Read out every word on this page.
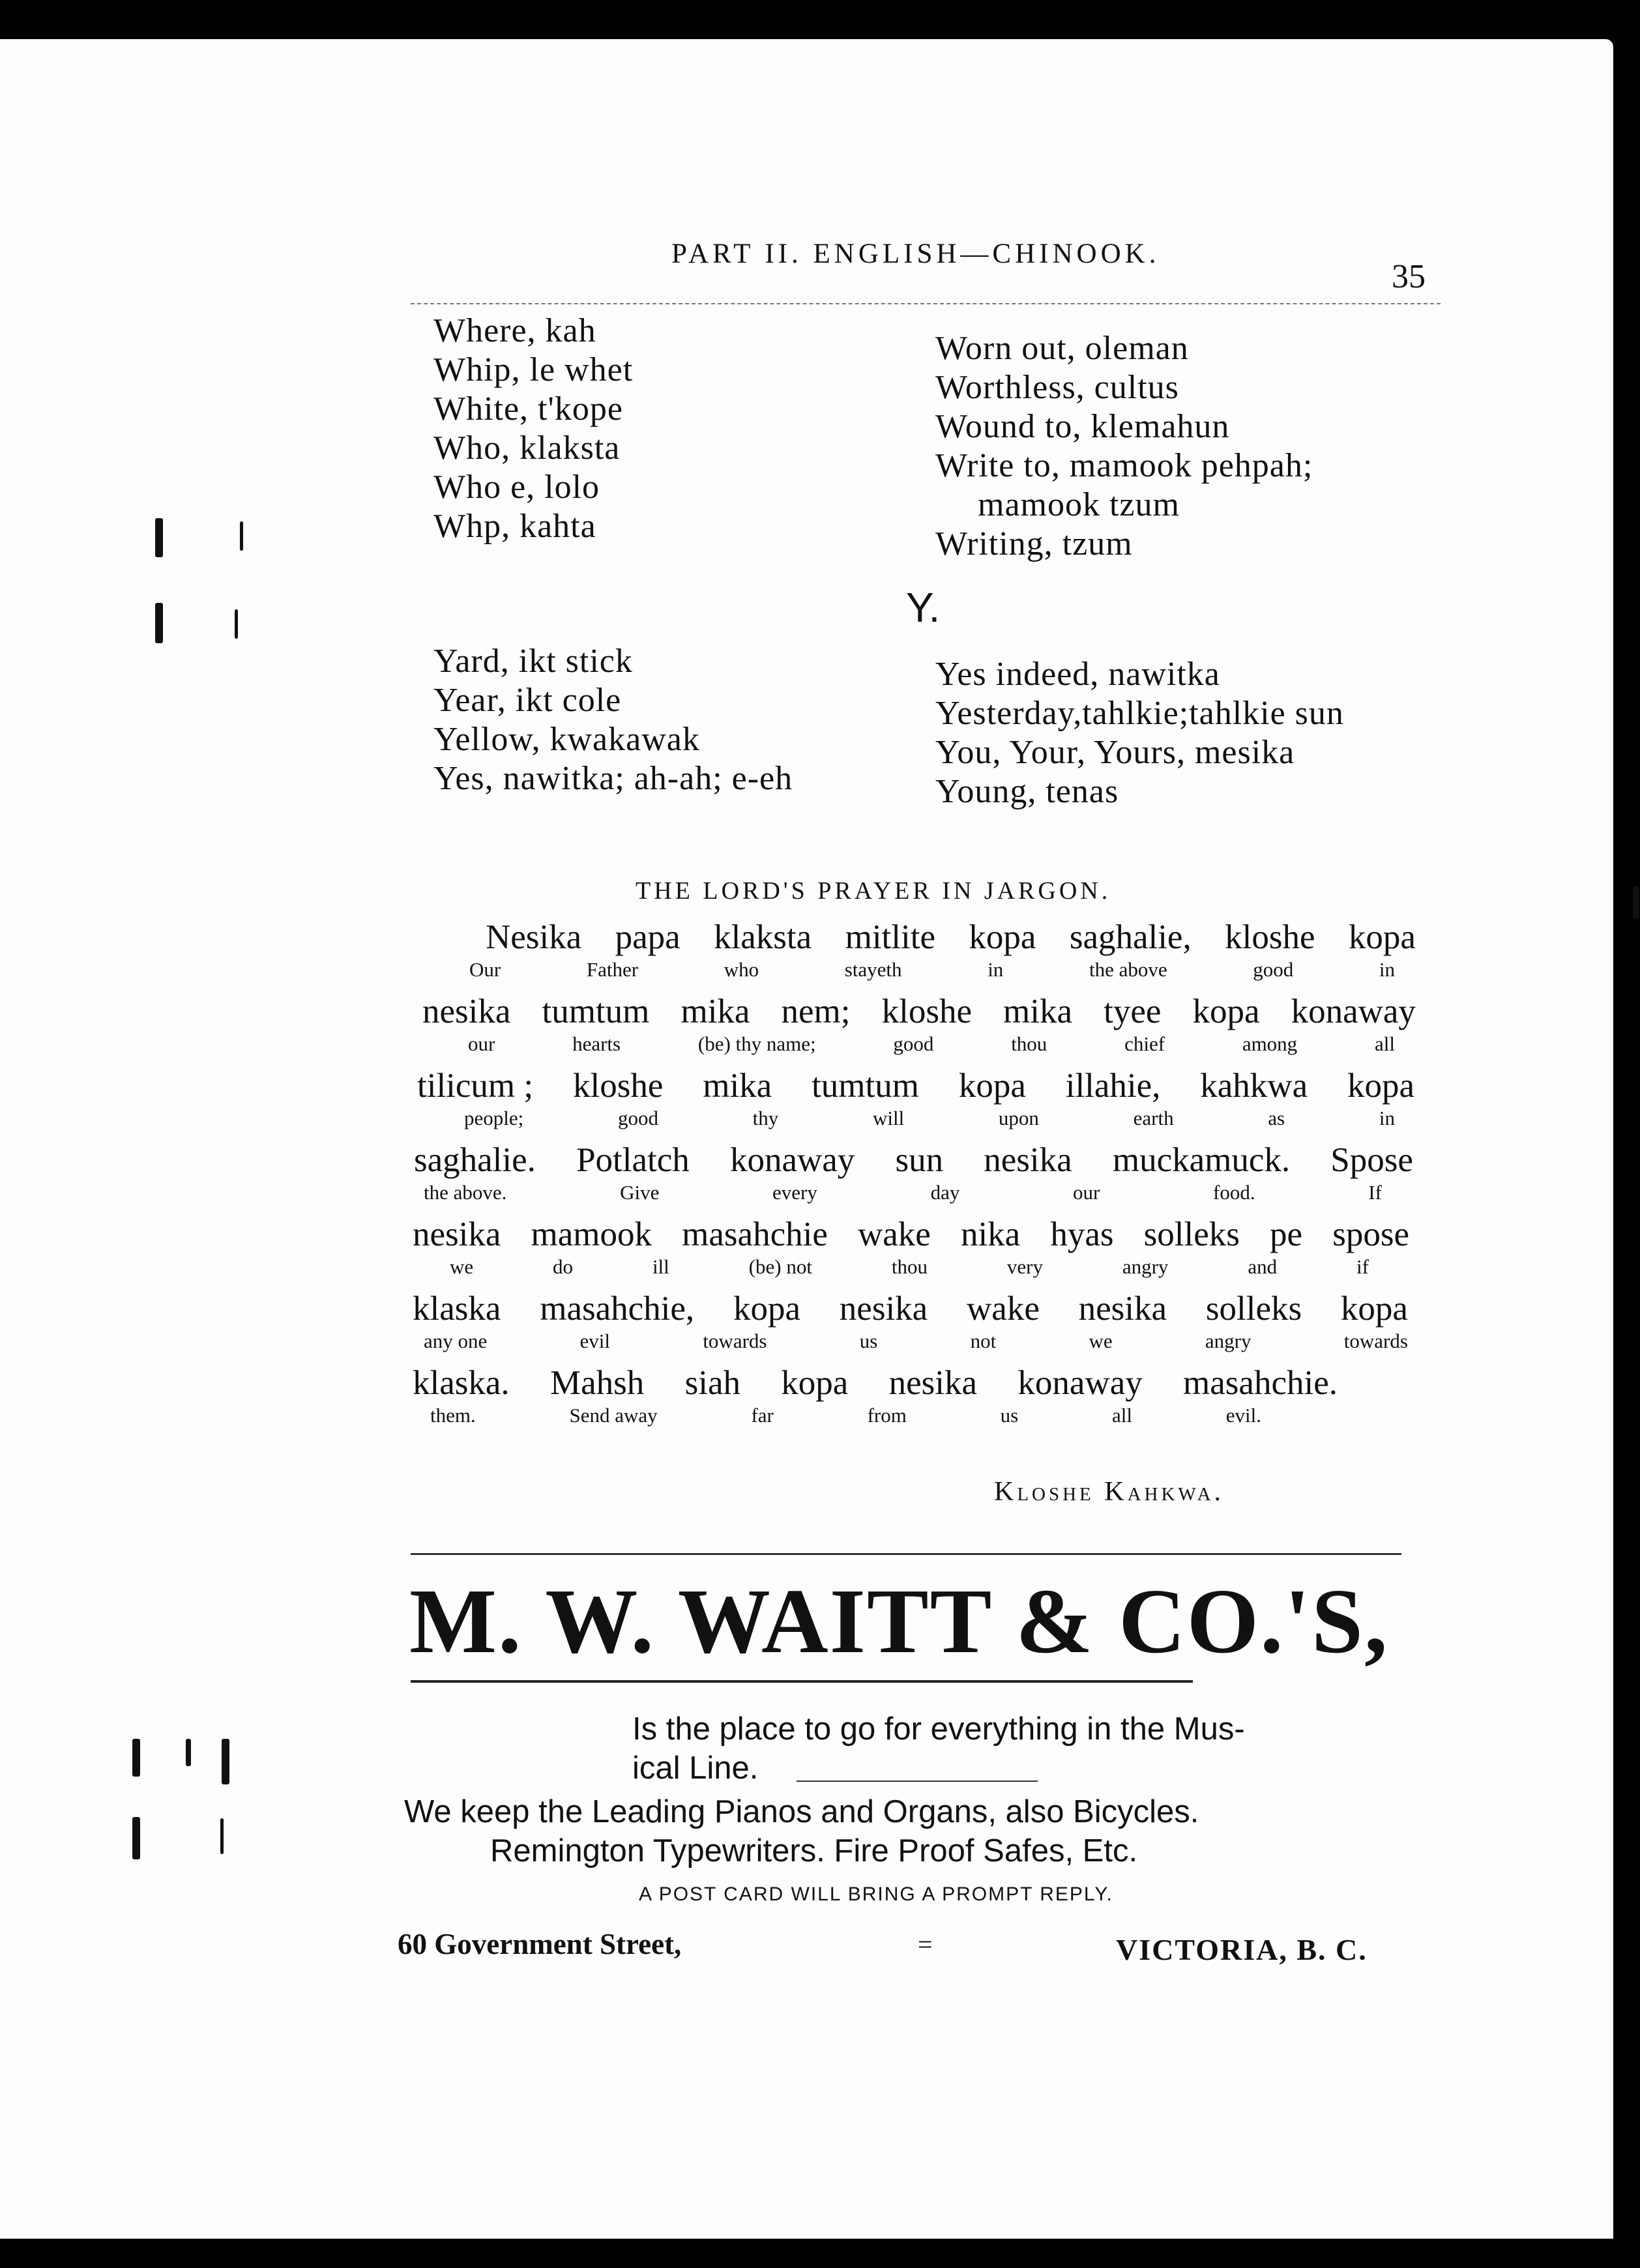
PART II. ENGLISH—CHINOOK.
35
Where, kah
Whip, le whet
White, t'kope
Who, klaksta
Who e, lolo
Whp, kahta
Worn out, oleman
Worthless, cultus
Wound to, klemahun
Write to, mamook pehpah;
mamook tzum
Writing, tzum
Y.
Yard, ikt stick
Year, ikt cole
Yellow, kwakawak
Yes, nawitka; ah-ah; e-eh
Yes indeed, nawitka
Yesterday,tahlkie;tahlkie sun
You, Your, Yours, mesika
Young, tenas
THE LORD'S PRAYER IN JARGON.
Nesika papa klaksta mitlite kopa saghalie, kloshe kopa
Our	Father	who	stayeth	in	the above	good	in
nesika tumtum mika nem; kloshe mika tyee kopa konaway
our	hearts	(be) thy name;	good	thou	chief	among	all
tilicum ; kloshe mika tumtum kopa illahie, kahkwa kopa
people;	good	thy	will	upon	earth	as	in
saghalie. Potlatch konaway sun nesika muckamuck. Spose
the above.	Give	every	day	our	food.	If
nesika mamook masahchie wake nika hyas solleks pe spose
we	do	ill	(be) not	thou	very	angry	and	if
klaska masahchie, kopa nesika wake nesika solleks kopa
any one	evil	towards	us	not	we	angry	towards
klaska. Mahsh siah kopa nesika konaway masahchie.
them.	Send away	far	from	us	all	evil.
Kloshe Kahkwa.
M. W. WAITT & CO.'S,
Is the place to go for everything in the Mus-
ical Line.
We keep the Leading Pianos and Organs, also Bicycles.
Remington Typewriters. Fire Proof Safes, Etc.
A POST CARD WILL BRING A PROMPT REPLY.
60 Government Street,	=	VICTORIA, B. C.
